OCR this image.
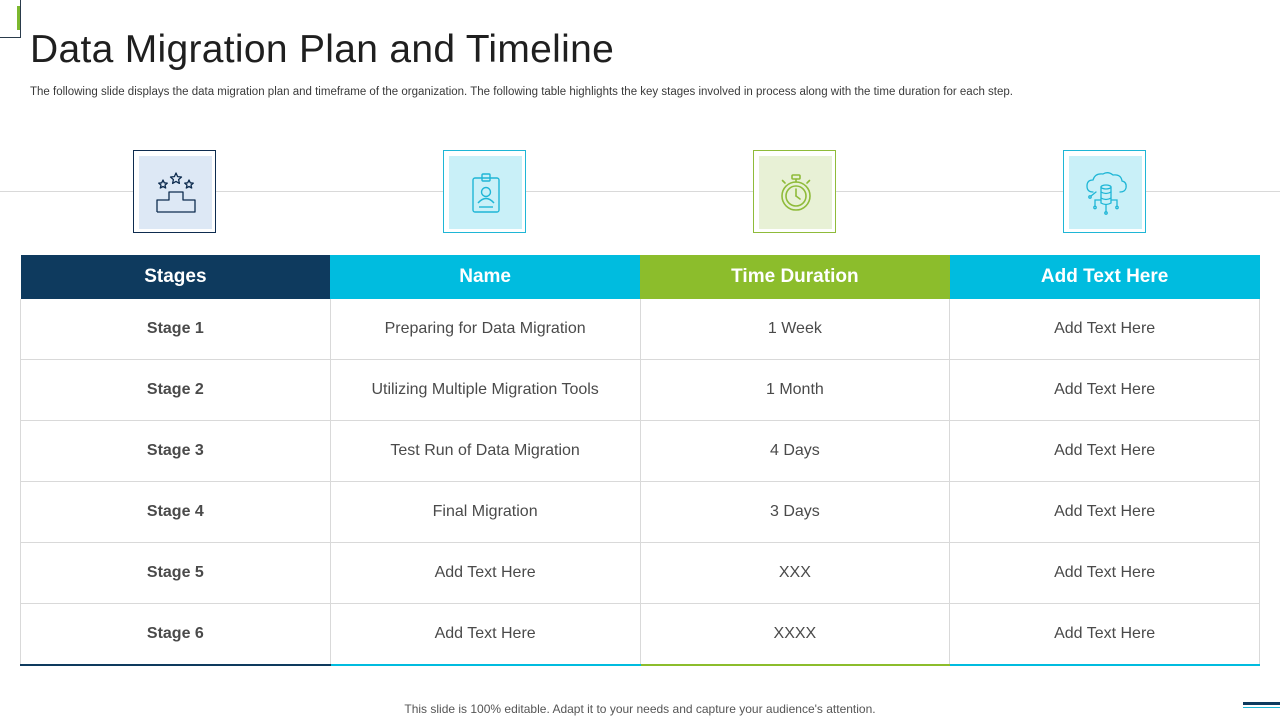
Data Migration Plan and Timeline

The following slide displays the data migration plan and timeframe of the organization. The following table highlights the key stages involved in process along with the time duration for each step.

Stages	Name	Time Duration	Add Text Here
Stage 1	Preparing for Data Migration	1 Week	Add Text Here
Stage 2	Utilizing Multiple Migration Tools	1 Month	Add Text Here
Stage 3	Test Run of Data Migration	4 Days	Add Text Here
Stage 4	Final Migration	3 Days	Add Text Here
Stage 5	Add Text Here	XXX	Add Text Here
Stage 6	Add Text Here	XXXX	Add Text Here

This slide is 100% editable. Adapt it to your needs and capture your audience's attention.
